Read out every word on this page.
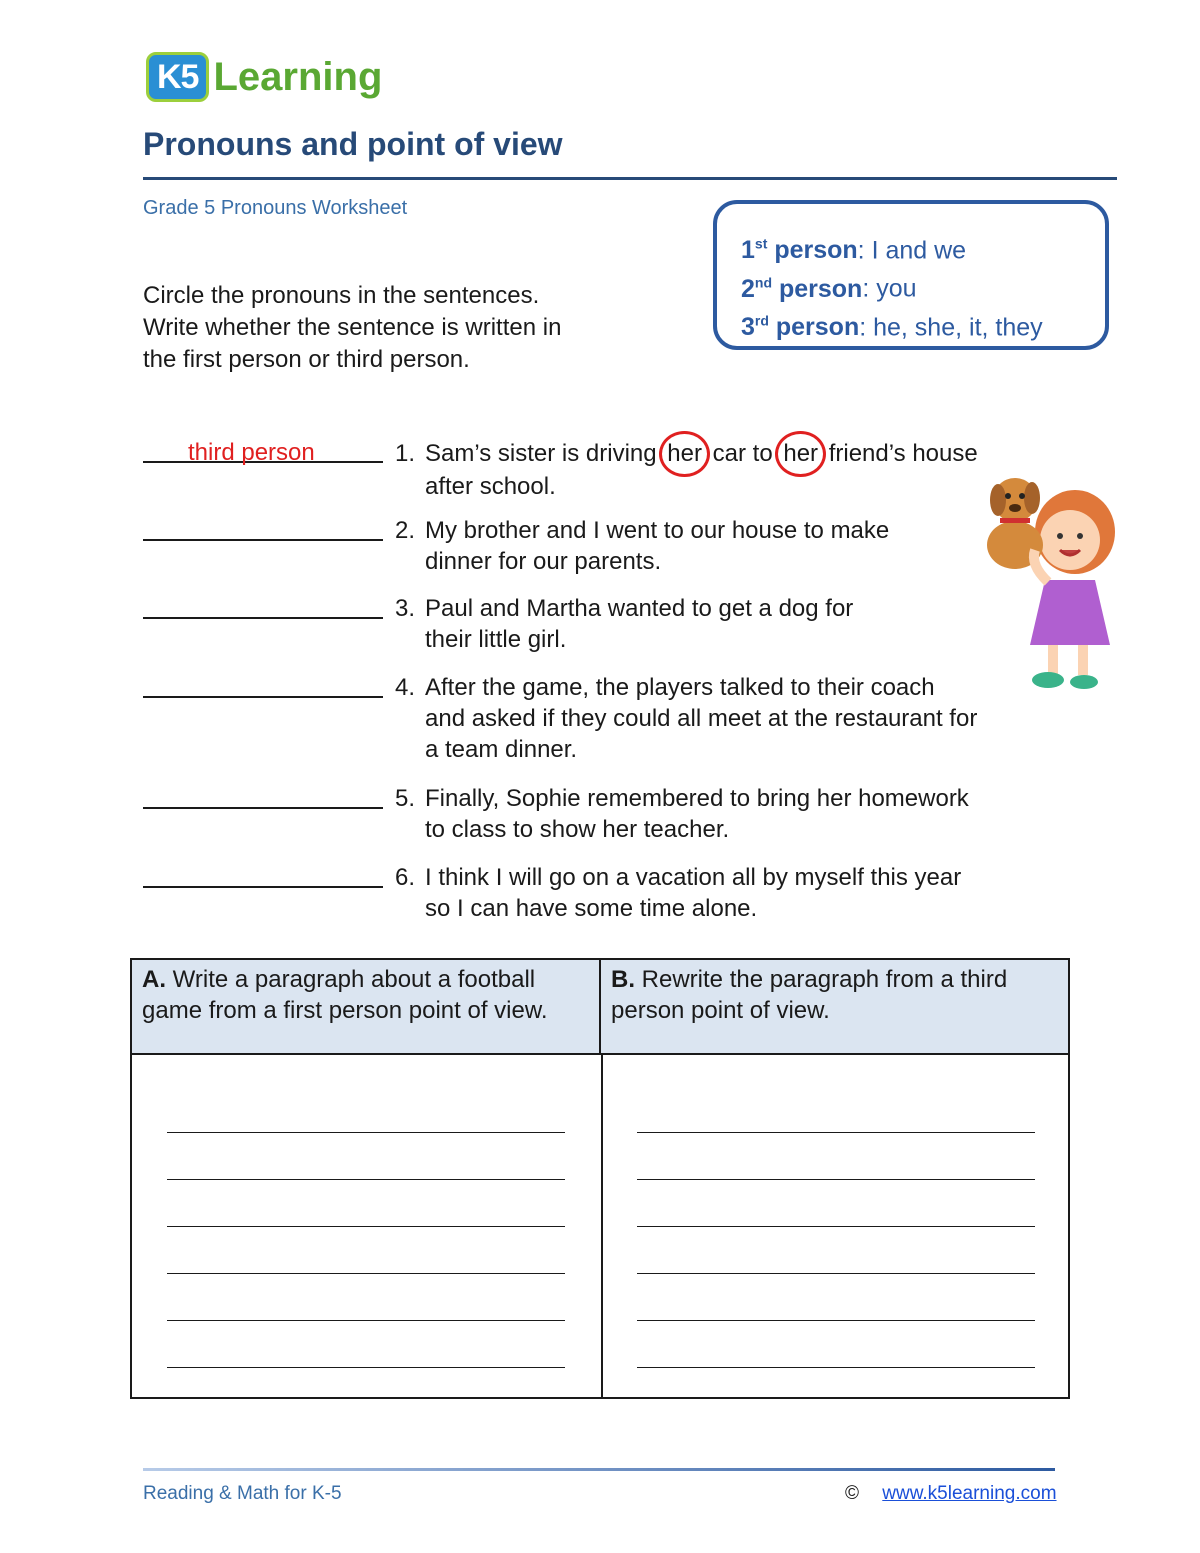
K5 Learning
Pronouns and point of view
Grade 5 Pronouns Worksheet
Circle the pronouns in the sentences.
Write whether the sentence is written in
the first person or third person.
1st person: I and we
2nd person: you
3rd person: he, she, it, they
third person	1. Sam’s sister is driving her car to her friend’s house
after school.
2. My brother and I went to our house to make
dinner for our parents.
3. Paul and Martha wanted to get a dog for
their little girl.
4. After the game, the players talked to their coach
and asked if they could all meet at the restaurant for
a team dinner.
5. Finally, Sophie remembered to bring her homework
to class to show her teacher.
6. I think I will go on a vacation all by myself this year
so I can have some time alone.
A. Write a paragraph about a football game from a first person point of view.
B. Rewrite the paragraph from a third person point of view.
Reading & Math for K-5	© www.k5learning.com
